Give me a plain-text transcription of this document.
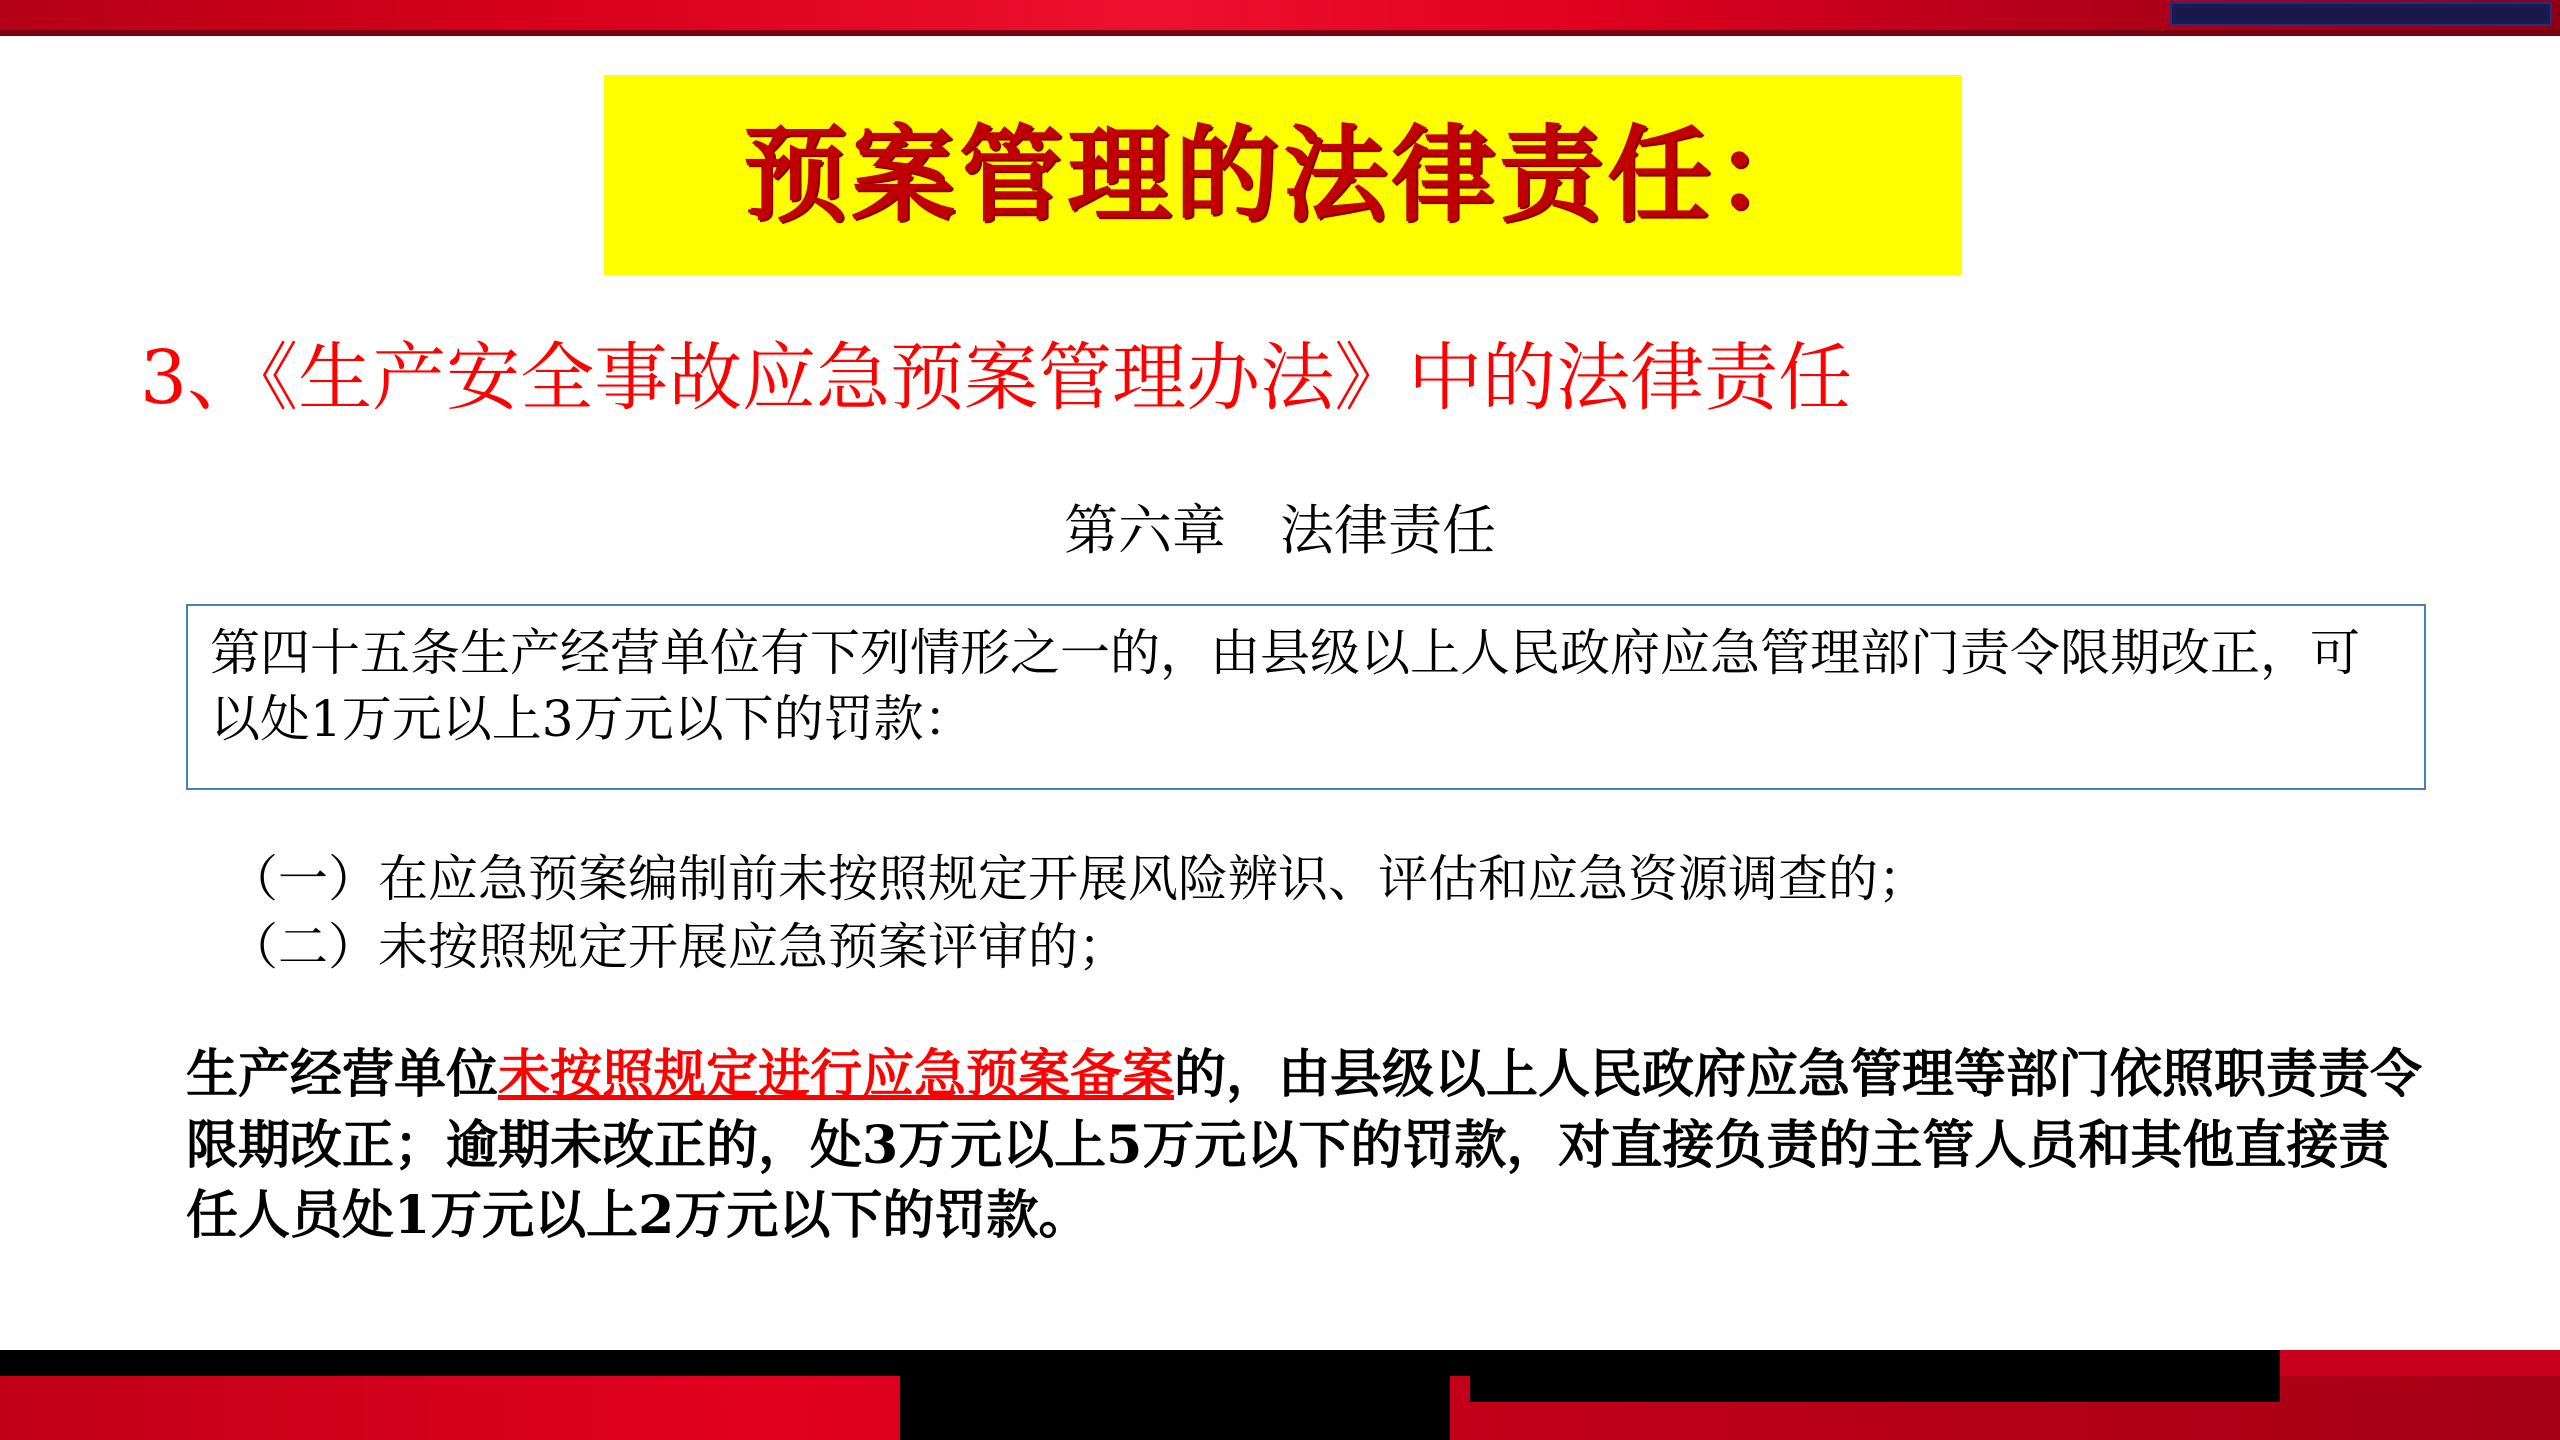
预案管理的法律责任：
3、《生产安全事故应急预案管理办法》中的法律责任
第六章　法律责任

第四十五条生产经营单位有下列情形之一的，由县级以上人民政府应急管理部门责令限期改正，可以处1万元以上3万元以下的罚款：

（一）在应急预案编制前未按照规定开展风险辨识、评估和应急资源调查的；
（二）未按照规定开展应急预案评审的；
生产经营单位未按照规定进行应急预案备案的，由县级以上人民政府应急管理等部门依照职责责令限期改正；逾期未改正的，处3万元以上5万元以下的罚款，对直接负责的主管人员和其他直接责任人员处1万元以上2万元以下的罚款。
